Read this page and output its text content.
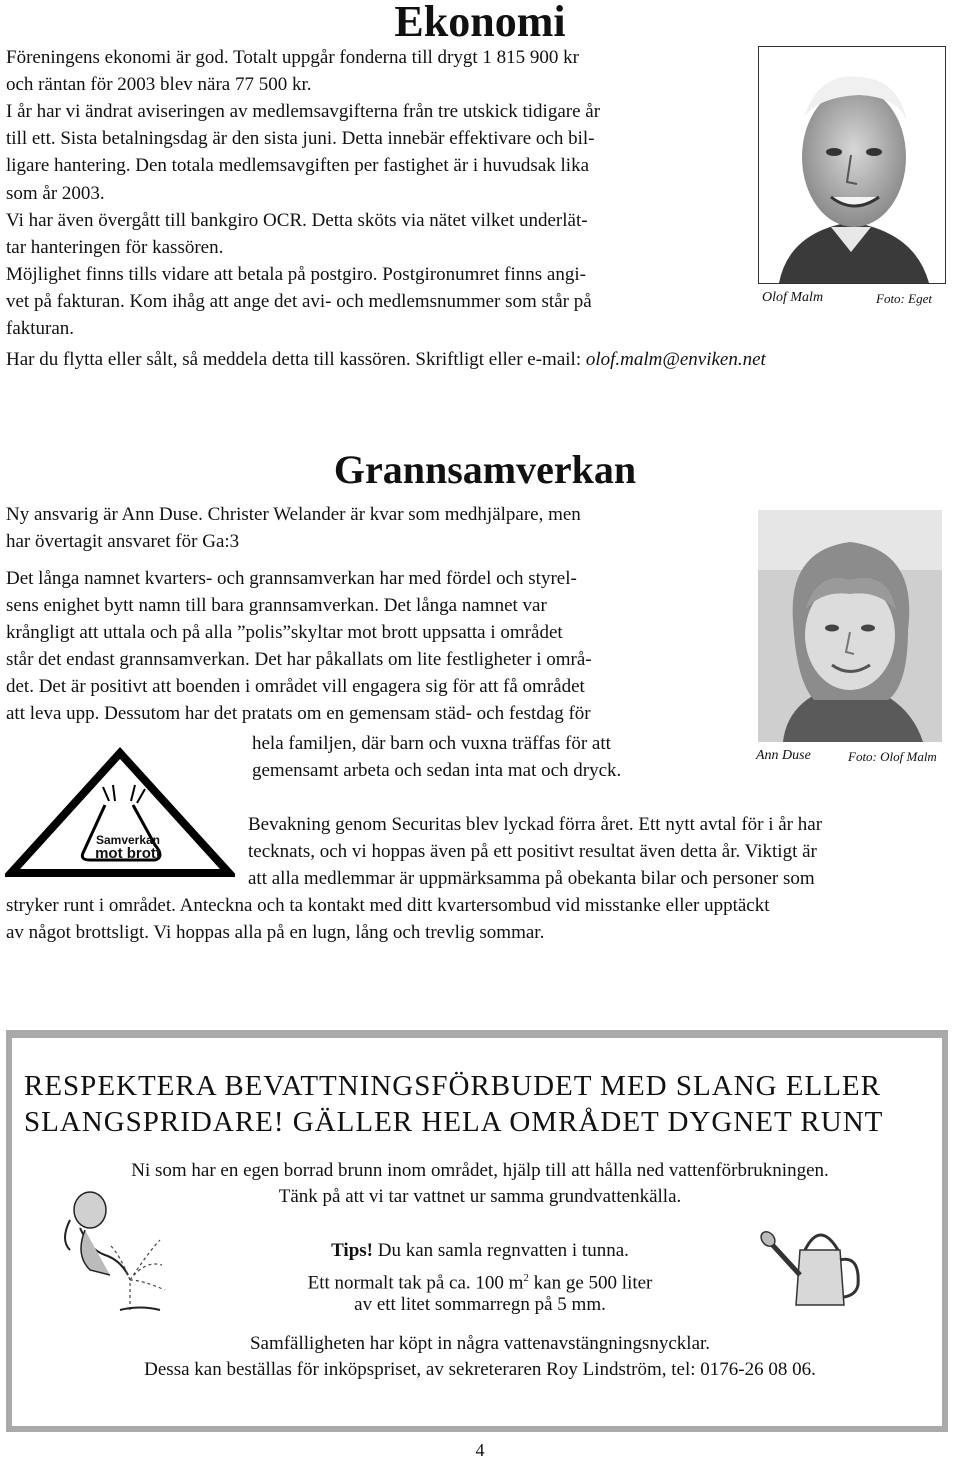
Ekonomi
Föreningens ekonomi är god. Totalt uppgår fonderna till drygt 1 815 900 kr
och räntan för 2003 blev nära 77 500 kr.
I år har vi ändrat aviseringen av medlemsavgifterna från tre utskick tidigare år
till ett. Sista betalningsdag är den sista juni. Detta innebär effektivare och bil-
ligare hantering. Den totala medlemsavgiften per fastighet är i huvudsak lika
som år 2003.
Vi har även övergått till bankgiro OCR. Detta sköts via nätet vilket underlät-
tar hanteringen för kassören.
Möjlighet finns tills vidare att betala på postgiro. Postgironumret finns angi-
vet på fakturan. Kom ihåg att ange det avi- och medlemsnummer som står på
fakturan.
Har du flytta eller sålt, så meddela detta till kassören. Skriftligt eller e-mail: olof.malm@enviken.net
Olof Malm	Foto: Eget
Grannsamverkan
Ny ansvarig är Ann Duse. Christer Welander är kvar som medhjälpare, men
har övertagit ansvaret för Ga:3
Det långa namnet kvarters- och grannsamverkan har med fördel och styrel-
sens enighet bytt namn till bara grannsamverkan. Det långa namnet var
krångligt att uttala och på alla ”polis”skyltar mot brott uppsatta i området
står det endast grannsamverkan. Det har påkallats om lite festligheter i områ-
det. Det är positivt att boenden i området vill engagera sig för att få området
att leva upp. Dessutom har det pratats om en gemensam städ- och festdag för
hela familjen, där barn och vuxna träffas för att
gemensamt arbeta och sedan inta mat och dryck.
Bevakning genom Securitas blev lyckad förra året. Ett nytt avtal för i år har
tecknats, och vi hoppas även på ett positivt resultat även detta år. Viktigt är
att alla medlemmar är uppmärksamma på obekanta bilar och personer som
stryker runt i området. Anteckna och ta kontakt med ditt kvartersombud vid misstanke eller upptäckt
av något brottsligt. Vi hoppas alla på en lugn, lång och trevlig sommar.
Ann Duse	Foto: Olof Malm
Samverkan
mot brott
RESPEKTERA BEVATTNINGSFÖRBUDET MED SLANG ELLER
SLANGSPRIDARE! GÄLLER HELA OMRÅDET DYGNET RUNT
Ni som har en egen borrad brunn inom området, hjälp till att hålla ned vattenförbrukningen.
Tänk på att vi tar vattnet ur samma grundvattenkälla.
Tips! Du kan samla regnvatten i tunna.
Ett normalt tak på ca. 100 $m^2$ kan ge 500 liter
av ett litet sommarregn på 5 mm.
Samfälligheten har köpt in några vattenavstängningsnycklar.
Dessa kan beställas för inköpspriset, av sekreteraren Roy Lindström, tel: 0176-26 08 06.
4
